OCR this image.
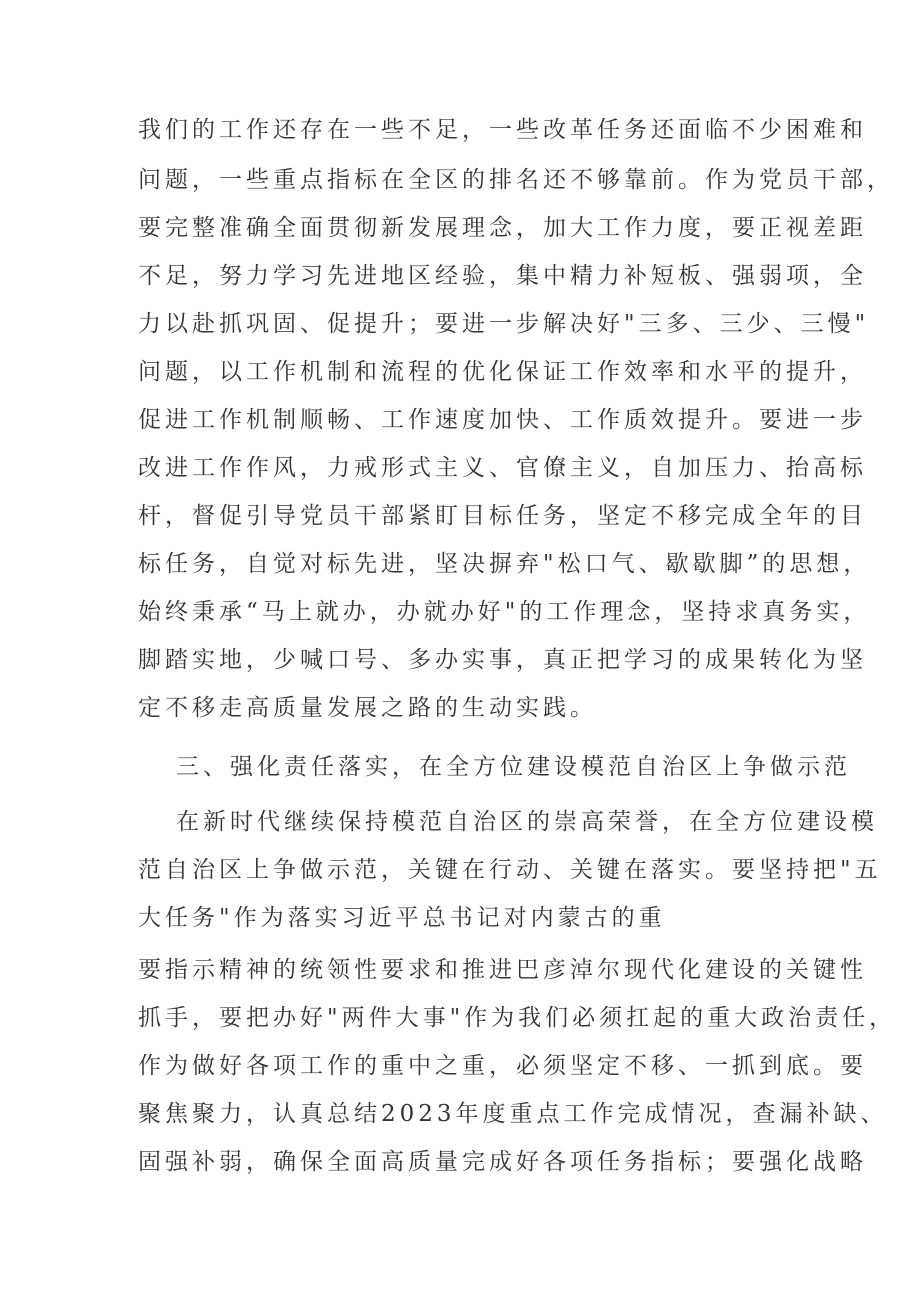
我们的工作还存在一些不足，一些改革任务还面临不少困难和
问题，一些重点指标在全区的排名还不够靠前。作为党员干部，
要完整准确全面贯彻新发展理念，加大工作力度，要正视差距
不足，努力学习先进地区经验，集中精力补短板、强弱项，全
力以赴抓巩固、促提升；要进一步解决好"三多、三少、三慢"
问题，以工作机制和流程的优化保证工作效率和水平的提升，
促进工作机制顺畅、工作速度加快、工作质效提升。要进一步
改进工作作风，力戒形式主义、官僚主义，自加压力、抬高标
杆，督促引导党员干部紧盯目标任务，坚定不移完成全年的目
标任务，自觉对标先进，坚决摒弃"松口气、歇歇脚”的思想，
始终秉承“马上就办，办就办好"的工作理念，坚持求真务实，
脚踏实地，少喊口号、多办实事，真正把学习的成果转化为坚
定不移走高质量发展之路的生动实践。
三、强化责任落实，在全方位建设模范自治区上争做示范
在新时代继续保持模范自治区的崇高荣誉，在全方位建设模
范自治区上争做示范，关键在行动、关键在落实。要坚持把"五
大任务"作为落实习近平总书记对内蒙古的重
要指示精神的统领性要求和推进巴彦淖尔现代化建设的关键性
抓手，要把办好"两件大事"作为我们必须扛起的重大政治责任，
作为做好各项工作的重中之重，必须坚定不移、一抓到底。要
聚焦聚力，认真总结2023年度重点工作完成情况，查漏补缺、
固强补弱，确保全面高质量完成好各项任务指标；要强化战略
